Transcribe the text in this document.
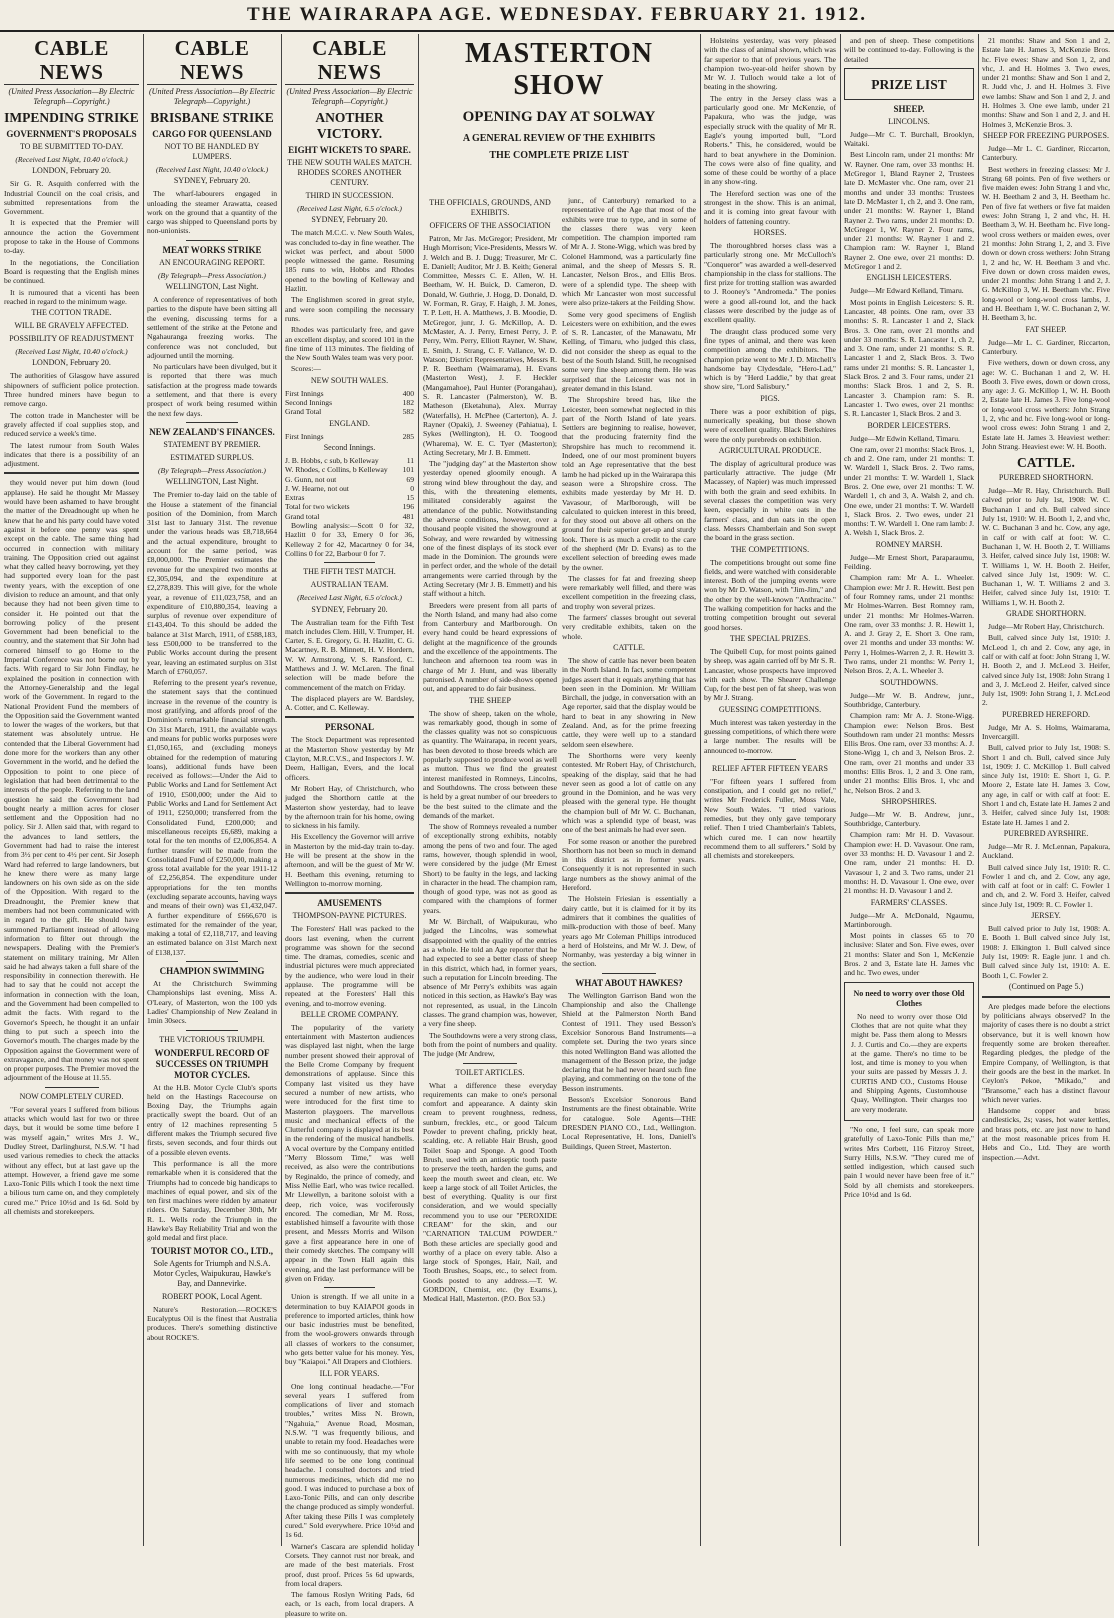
THE WAIRARAPA AGE. WEDNESDAY. FEBRUARY 21. 1912.
CABLE NEWS
(United Press Association—By Electric Telegraph—Copyright.)
IMPENDING STRIKE
GOVERNMENT'S PROPOSALS
TO BE SUBMITTED TO-DAY.
(Received Last Night, 10.40 o'clock.)
LONDON, February 20.

Sir G. R. Asquith conferred with the Industrial Council on the coal crisis, and submitted representations from the Government.

It is expected that the Premier will announce the action the Government propose to take in the House of Commons to-day.

In the negotiations, the Conciliation Board is requesting that the English mines be continued.

It is rumoured that a vicenti has been reached in regard to the minimum wage.

THE COTTON TRADE.
WILL BE GRAVELY AFFECTED.
POSSIBILITY OF READJUSTMENT
(Received Last Night, 10.40 o'clock.)
LONDON, February 20.

The authorities of Glasgow have assured shipowners of sufficient police protection. Three hundred miners have begun to remove cargo.

The cotton trade in Manchester will be gravely affected if coal supplies stop, and reduced service a week's time.

The latest rumour from South Wales indicates that there is a possibility of an adjustment.

they would never put him down (loud applause). He said he thought Mr Massey would have been ashamed to have brought the matter of the Dreadnought up when he knew that he and his party could have voted against it before one penny was spent except on the cable. The same thing had occurred in connection with military training. The Opposition cried out against what they called heavy borrowing, yet they had supported every loan for the past twenty years, with the exception of one division to reduce an amount, and that only because they had not been given time to consider it. He pointed out that the borrowing policy of the present Government had been beneficial to the country, and the statement that Sir John had cornered himself to go Home to the Imperial Conference was not borne out by facts. With regard to Sir John Findlay, he explained the position in connection with the Attorney-Generalship and the legal work of the Government. In regard to the National Provident Fund the members of the Opposition said the Government wanted to lower the wages of the workers, but that statement was absolutely untrue. He contended that the Liberal Government had done more for the workers than any other Government in the world, and he defied the Opposition to point to one piece of legislation that had been detrimental to the interests of the people. Referring to the land question he said the Government had bought nearly a million acres for closer settlement and the Opposition had no policy. Sir J. Allen said that, with regard to the advances to land settlers, the Government had had to raise the interest from 3½ per cent to 4½ per cent. Sir Joseph Ward had referred to large landowners, but he knew there were as many large landowners on his own side as on the side of the Opposition. With regard to the Dreadnought, the Premier knew that members had not been communicated with in regard to the gift. He should have summoned Parliament instead of allowing information to filter out through the newspapers. Dealing with the Premier's statement on military training, Mr Allen said he had always taken a full share of the responsibility in connection therewith. He had to say that he could not accept the information in connection with the loan, and the Government had been compelled to admit the facts. With regard to the Governor's Speech, he thought it an unfair thing to put such a speech into the Governor's mouth. The charges made by the Opposition against the Government were of extravagance, and that money was not spent on proper purposes. The Premier moved the adjournment of the House at 11.55.

NOW COMPLETELY CURED.

"For several years I suffered from bilious attacks which would last for two or three days, but it would be some time before I was myself again," writes Mrs J. W., Dudley Street, Darlinghurst, N.S.W. "I had used various remedies to check the attacks without any effect, but at last gave up the attempt. However, a friend gave me some Laxo-Tonic Pills which I took the next time a bilious turn came on, and they completely cured me." Price 10½d and 1s 6d. Sold by all chemists and storekeepers.

CABLE NEWS
(United Press Association—By Electric Telegraph—Copyright.)
BRISBANE STRIKE
CARGO FOR QUEENSLAND
NOT TO BE HANDLED BY LUMPERS.
(Received Last Night, 10.40 o'clock.)
SYDNEY, February 20.

The wharf-labourers engaged in unloading the steamer Arawatta, ceased work on the ground that a quantity of the cargo was shipped to Queensland ports by non-unionists.

MEAT WORKS STRIKE
AN ENCOURAGING REPORT.
(By Telegraph—Press Association.)
WELLINGTON, Last Night.

A conference of representatives of both parties to the dispute have been sitting all the evening, discussing terms for a settlement of the strike at the Petone and Ngahauranga freezing works. The conference was not concluded, but adjourned until the morning.

No particulars have been divulged, but it is reported that there was much satisfaction at the progress made towards a settlement, and that there is every prospect of work being resumed within the next few days.

NEW ZEALAND'S FINANCES.
STATEMENT BY PREMIER.
ESTIMATED SURPLUS.
(By Telegraph—Press Association.)
WELLINGTON, Last Night.

The Premier to-day laid on the table of the House a statement of the financial position of the Dominion, from March 31st last to January 31st. The revenue under the various heads was £8,718,664 and the actual expenditure, brought to account for the same period, was £8,000,000. The Premier estimates the revenue for the unexpired two months at £2,305,094, and the expenditure at £2,278,839. This will give, for the whole year, a revenue of £11,023,758, and an expenditure of £10,880,354, leaving a surplus of revenue over expenditure of £143,404. To this should be added the balance at 31st March, 1911, of £588,183, less £500,000 to be transferred to the Public Works account during the present year, leaving an estimated surplus on 31st March of £760,057.

Referring to the present year's revenue, the statement says that the continued increase in the revenue of the country is most gratifying, and affords proof of the Dominion's remarkable financial strength. On 31st March, 1911, the available ways and means for public works purposes were £1,050,165, and (excluding moneys obtained for the redemption of maturing loans), additional funds have been received as follows:—Under the Aid to Public Works and Land for Settlement Act of 1910, £500,000; under the Aid to Public Works and Land for Settlement Act of 1911, £250,000; transferred from the Consolidated Fund, £200,000; and miscellaneous receipts £6,689, making a total for the ten months of £2,006,854. A further transfer will be made from the Consolidated Fund of £250,000, making a gross total available for the year 1911-12 of £2,256,854. The expenditure under appropriations for the ten months (excluding separate accounts, having ways and means of their own) was £1,432,047. A further expenditure of £666,670 is estimated for the remainder of the year, making a total of £2,118,717, and leaving an estimated balance on 31st March next of £138,137.

CHAMPION SWIMMING

At the Christchurch Swimming Championships last evening, Miss A. O'Leary, of Masterton, won the 100 yds Ladies' Championship of New Zealand in 1min 30secs.

THE VICTORIOUS TRIUMPH.
WONDERFUL RECORD OF SUCCESSES ON TRIUMPH MOTOR CYCLES.

At the H.B. Motor Cycle Club's sports held on the Hastings Racecourse on Boxing Day, the Triumphs again practically swept the board. Out of an entry of 12 machines representing 5 different makes the Triumph secured five firsts, seven seconds, and four thirds out of a possible eleven events.

This performance is all the more remarkable when it is considered that the Triumphs had to concede big handicaps to machines of equal power, and six of the ten first machines were ridden by amateur riders. On Saturday, December 30th, Mr R. L. Wells rode the Triumph in the Hawke's Bay Reliability Trial and won the gold medal and first place.

TOURIST MOTOR CO., LTD.,
Sole Agents for Triumph and N.S.A. Motor Cycles, Waipukurau, Hawke's Bay, and Dannevirke.
ROBERT POOK, Local Agent.

Nature's Restoration.—ROCKE'S Eucalyptus Oil is the finest that Australia produces. There's something distinctive about ROCKE'S.

CABLE NEWS
(United Press Association—By Electric Telegraph—Copyright.)
ANOTHER VICTORY.
EIGHT WICKETS TO SPARE.
THE NEW SOUTH WALES MATCH. RHODES SCORES ANOTHER CENTURY.
THIRD IN SUCCESSION.
(Received Last Night, 6.5 o'clock.)
SYDNEY, February 20.

The match M.C.C. v. New South Wales, was concluded to-day in fine weather. The wicket was perfect, and about 5000 people witnessed the game. Resuming 185 runs to win, Hobbs and Rhodes opened to the bowling of Kelleway and Hazlitt.

The Englishmen scored in great style, and were soon compiling the necessary runs.

Rhodes was particularly free, and gave an excellent display, and scored 101 in the fine time of 113 minutes. The fielding of the New South Wales team was very poor.

Scores:—

NEW SOUTH WALES.
First Innings	400
Second Innings	182
Grand Total	582
ENGLAND.
First Innings	285
Second Innings.
J. B. Hobbs, c sub, b Kelleway	11
W. Rhodes, c Collins, b Kelleway 101
G. Gunn, not out	69
J. W. Hearne, not out	0
Extras	15
Total for two wickets	196
Grand total	481

Bowling analysis:—Scott 0 for 32, Hazlitt 0 for 33, Emery 0 for 36, Kelleway 2 for 42, Macartney 0 for 34, Collins 0 for 22, Barbour 0 for 7.

THE FIFTH TEST MATCH.
AUSTRALIAN TEAM.
(Received Last Night, 6.5 o'clock.)
SYDNEY, February 20.

The Australian team for the Fifth Test match includes Clem. Hill, V. Trumper, H. Carter, S. E. Gregory, G. H. Hazlitt, C. G. Macartney, R. B. Minnett, H. V. Hordern, W. W. Armstrong, V. S. Ransford, C. Matthews and J. W. McLaren. The final selection will be made before the commencement of the match on Friday.

The displaced players are W. Bardsley, A. Cotter, and C. Kelleway.

PERSONAL

The Stock Department was represented at the Masterton Show yesterday by Mr Clayton, M.R.C.V.S., and Inspectors J. W. Deem, Halligan, Evers, and the local officers.

Mr Robert Hay, of Christchurch, who judged the Shorthorn cattle at the Masterton show yesterday, had to leave by the afternoon train for his home, owing to sickness in his family.

His Excellency the Governor will arrive in Masterton by the mid-day train to-day. He will be present at the show in the afternoon, and will be the guest of Mr W. H. Beetham this evening, returning to Wellington to-morrow morning.

AMUSEMENTS
THOMPSON-PAYNE PICTURES.

The Foresters' Hall was packed to the doors last evening, when the current programme was shown for the second time. The dramas, comedies, scenic and industrial pictures were much appreciated by the audience, who were loud in their applause. The programme will be repeated at the Foresters' Hall this evening, and to-morrow evening.

BELLE CROME COMPANY.

The popularity of the variety entertainment with Masterton audiences was displayed last night, when the large number present showed their approval of the Belle Crome Company by frequent demonstrations of applause. Since this Company last visited us they have secured a number of new artists, who were introduced for the first time to Masterton playgoers. The marvellous music and mechanical effects of the Clutterful company is displayed at its best in the rendering of the musical handbells. A vocal overture by the Company entitled "Merry Blossom Time," was well received, as also were the contributions by Reginaldo, the prince of comedy, and Miss Nellie Earl, who was twice recalled. Mr Llewellyn, a baritone soloist with a deep, rich voice, was vociferously encored. The comedian, Mr M. Ross, established himself a favourite with those present, and Messrs Morris and Wilson gave a first appearance here in one of their comedy sketches. The company will appear in the Town Hall again this evening, and the last performance will be given on Friday.

Union is strength. If we all unite in a determination to buy KAIAPOI goods in preference to imported articles, think how our basic industries must be benefited, from the wool-growers onwards through all classes of workers to the consumer, who gets better value for his money. Yes, buy "Kaiapoi." All Drapers and Clothiers.

ILL FOR YEARS.

One long continual headache.—"For several years I suffered from complications of liver and stomach troubles," writes Miss N. Brown, "Ngahuia," Avenue Road, Mosman, N.S.W. "I was frequently bilious, and unable to retain my food. Headaches were with me so continuously, that my whole life seemed to be one long continual headache. I consulted doctors and tried numerous medicines, which did me no good. I was induced to purchase a box of Laxo-Tonic Pills, and can only describe the change produced as simply wonderful. After taking these Pills I was completely cured." Sold everywhere. Price 10½d and 1s 6d.

Warner's Cascara are splendid holiday Corsets. They cannot rust nor break, and are made of the best materials. Frost proof, dust proof. Prices 5s 6d upwards, from local drapers.

The famous Roslyn Writing Pads, 6d each, or 1s each, from local drapers. A pleasure to write on.

MASTERTON SHOW
OPENING DAY AT SOLWAY
A GENERAL REVIEW OF THE EXHIBITS
THE COMPLETE PRIZE LIST
THE OFFICIALS, GROUNDS, AND EXHIBITS.
OFFICERS OF THE ASSOCIATION

Patron, Mr Jas. McGregor; President, Mr Hugh Morrison; Vice-Presidents, Messrs W. J. Welch and B. J. Dugg; Treasurer, Mr C. E. Daniell; Auditor, Mr J. B. Keith; General Committee, Messrs C. E. Allen, W. H. Beetham, W. H. Buick, D. Cameron, D. Donald, W. Guthrie, J. Hogg, D. Donald, D. W. Forman, R. Gray, F. Haigh, J. M. Jones, T. P. Lett, H. A. Matthews, J. B. Moodie, D. McGregor, junr, J. G. McKillop, A. D. McMaster, A. J. Perry, Ernest Perry, J. P. Perry, Wm. Perry, Elliott Rayner, W. Shaw, E. Smith, J. Strang, C. F. Vallance, W. D. Watson; District Representatives, Messrs R. P. R. Beetham (Waimarama), H. Evans (Masterton West), J. F. Heckler (Mangamahoe), Paul Hunter (Porangahau), S. R. Lancaster (Palmerston), W. B. Matheson (Eketahuna), Alex. Murray (Waterfalls), H. McPhee (Carterton), A. J. Rayner (Opaki), J. Sweeney (Pahiatua), I. Sykes (Wellington), H. O. Toogood (Wharema), W. E. C. Tyer (Masterton); Acting Secretary, Mr J. B. Emmett.

The "judging day" at the Masterton show yesterday opened gloomily enough. A strong wind blew throughout the day, and this, with the threatening elements, militated considerably against the attendance of the public. Notwithstanding the adverse conditions, however, over a thousand people visited the showground at Solway, and were rewarded by witnessing one of the finest displays of its stock ever made in the Dominion. The grounds were in perfect order, and the whole of the detail arrangements were carried through by the Acting Secretary (Mr J. B. Emmett) and his staff without a hitch.

Breeders were present from all parts of the North Island, and many had also come from Canterbury and Marlborough. On every hand could be heard expressions of delight at the magnificence of the grounds and the excellence of the appointments. The luncheon and afternoon tea room was in charge of Mr J. Hunt, and was liberally patronised. A number of side-shows opened out, and appeared to do fair business.

THE SHEEP

The show of sheep, taken on the whole, was remarkably good, though in some of the classes quality was not so conspicuous as quantity. The Wairarapa, in recent years, has been devoted to those breeds which are popularly supposed to produce wool as well as mutton. Thus we find the greatest interest manifested in Romneys, Lincolns, and Southdowns. The cross between these is held by a great number of our breeders to be the best suited to the climate and the demands of the market.

The show of Romneys revealed a number of exceptionally strong exhibits, notably among the pens of two and four. The aged rams, however, though splendid in wool, were considered by the judge (Mr Ernest Short) to be faulty in the legs, and lacking in character in the head. The champion ram, though of good type, was not as good as compared with the champions of former years.

Mr W. Birchall, of Waipukurau, who judged the Lincolns, was somewhat disappointed with the quality of the entries as a whole. He told an Age reporter that he had expected to see a better class of sheep in this district, which had, in former years, such a reputation for Lincoln breeding. The absence of Mr Perry's exhibits was again noticed in this section, as Hawke's Bay was not represented, as usual, in the Lincoln classes. The grand champion was, however, a very fine sheep.

The Southdowns were a very strong class, both from the point of numbers and quality. The judge (Mr Andrew,

TOILET ARTICLES.

What a difference these everyday requirements can make to one's personal comfort and appearance. A dainty skin cream to prevent roughness, redness, sunburn, freckles, etc., or good Talcum Powder to prevent chafing, prickly heat, scalding, etc. A reliable Hair Brush, good Toilet Soap and Sponge. A good Tooth Brush, used with an antiseptic tooth paste to preserve the teeth, harden the gums, and keep the mouth sweet and clean, etc. We keep a large stock of all Toilet Articles, the best of everything. Quality is our first consideration, and we would specially recommend you to use our "PEROXIDE CREAM" for the skin, and our "CARNATION TALCUM POWDER." Both these articles are specially good and worthy of a place on every table. Also a large stock of Sponges, Hair, Nail, and Tooth Brushes, Soaps, etc., to select from. Goods posted to any address.—T. W. GORDON, Chemist, etc. (by Exams.), Medical Hall, Masterton. (P.O. Box 53.)

junr., of Canterbury) remarked to a representative of the Age that most of the exhibits were true to type, and in some of the classes there was very keen competition. The champion imported ram of Mr A. J. Stone-Wigg, which was bred by Colonel Hammond, was a particularly fine animal, and the sheep of Messrs S. R. Lancaster, Nelson Bros., and Ellis Bros. were of a splendid type. The sheep with which Mr Lancaster won most successful were also prize-takers at the Feilding Show.

Some very good specimens of English Leicesters were on exhibition, and the ewes of S. R. Lancaster, of the Manawatu, Mr Kelling, of Timaru, who judged this class, did not consider the sheep as equal to the best of the South Island. Still, he recognised some very fine sheep among them. He was surprised that the Leicester was not in greater demand in this Island.

The Shropshire breed has, like the Leicester, been somewhat neglected in this part of the North Island of late years. Settlers are beginning to realise, however, that the producing fraternity find the Shropshire has much to recommend it. Indeed, one of our most prominent buyers told an Age representative that the best lamb he had picked up in the Wairarapa this season were a Shropshire cross. The exhibits made yesterday by Mr H. D. Vavasour, of Marlborough, will be calculated to quicken interest in this breed, for they stood out above all others on the ground for their superior get-up and sturdy look. There is as much a credit to the care of the shepherd (Mr D. Evans) as to the excellent selection of breeding ewes made by the owner.

The classes for fat and freezing sheep were remarkably well filled, and there was excellent competition in the freezing class, and trophy won several prizes.

The farmers' classes brought out several very creditable exhibits, taken on the whole.

CATTLE.

The show of cattle has never been beaten in the North Island. In fact, some competent judges assert that it equals anything that has been seen in the Dominion. Mr William Birchall, the judge, in conversation with an Age reporter, said that the display would be hard to beat in any showring in New Zealand. And, as for the prime freezing cattle, they were well up to a standard seldom seen elsewhere.

The Shorthorns were very keenly contested. Mr Robert Hay, of Christchurch, speaking of the display, said that he had never seen as good a lot of cattle on any ground in the Dominion, and he was very pleased with the general type. He thought the champion bull of Mr W. C. Buchanan, which was a splendid type of beast, was one of the best animals he had ever seen.

For some reason or another the purebred Shorthorn has not been so much in demand in this district as in former years. Consequently it is not represented in such large numbers as the showy animal of the Hereford.

The Holstein Friesian is essentially a dairy cattle, but it is claimed for it by its admirers that it combines the qualities of milk-production with those of beef. Many years ago Mr Coleman Phillips introduced a herd of Holsteins, and Mr W. J. Dew, of Normanby, was yesterday a big winner in the section.

WHAT ABOUT HAWKES?

The Wellington Garrison Band won the Championship and also the Challenge Shield at the Palmerston North Band Contest of 1911. They used Besson's Excelsior Sonorous Band Instruments—a complete set. During the two years since this noted Wellington Band was allotted the management of the Besson prize, the judge declaring that he had never heard such fine playing, and commenting on the tone of the Besson instruments.

Besson's Excelsior Sonorous Band Instruments are the finest obtainable. Write for catalogue. Sole Agents—THE DRESDEN PIANO CO., Ltd., Wellington. Local Representative, H. Ions, Daniell's Buildings, Queen Street, Masterton.

Holsteins yesterday, was very pleased with the class of animal shown, which was far superior to that of previous years. The champion two-year-old heifer shown by Mr W. J. Tulloch would take a lot of beating in the showring.

The entry in the Jersey class was a particularly good one. Mr McKenzie, of Papakura, who was the judge, was especially struck with the quality of Mr R. Eagle's young imported bull, "Lord Roberts." This, he considered, would be hard to beat anywhere in the Dominion. The cows were also of fine quality, and some of these could be worthy of a place in any show-ring.

The Hereford section was one of the strongest in the show. This is an animal, and it is coming into great favour with holders of fattening country.

HORSES.

The thoroughbred horses class was a particularly strong one. Mr McCulloch's "Conqueror" was awarded a well-deserved championship in the class for stallions. The first prize for trotting stallion was awarded to J. Rooney's "Andromeda." The ponies were a good all-round lot, and the hack classes were described by the judge as of excellent quality.

The draught class produced some very fine types of animal, and there was keen competition among the exhibitors. The champion prize went to Mr J. D. Mitchell's handsome bay Clydesdale, "Hero-Lad," which is by "Herd Laddie," by that great show sire, "Lord Salisbury."

PIGS.

There was a poor exhibition of pigs, numerically speaking, but those shown were of excellent quality. Black Berkshires were the only purebreds on exhibition.

AGRICULTURAL PRODUCE.

The display of agricultural produce was particularly attractive. The judge (Mr Macassey, of Napier) was much impressed with both the grain and seed exhibits. In several classes the competition was very keen, especially in white oats in the farmers' class, and dun oats in the open class. Messrs Chamberlain and Son swept the board in the grass section.

THE COMPETITIONS.

The competitions brought out some fine fields, and were watched with considerable interest. Both of the jumping events were won by Mr D. Watson, with "Jim-Jim," and the other by the well-known "Anthracite." The walking competition for hacks and the trotting competition brought out several good horses.

THE SPECIAL PRIZES.

The Quibell Cup, for most points gained by sheep, was again carried off by Mr S. R. Lancaster, whose prospects have improved with each show. The Shearer Challenge Cup, for the best pen of fat sheep, was won by Mr J. Strang.

GUESSING COMPETITIONS.

Much interest was taken yesterday in the guessing competitions, of which there were a large number. The results will be announced to-morrow.

RELIEF AFTER FIFTEEN YEARS

"For fifteen years I suffered from constipation, and I could get no relief," writes Mr Frederick Fuller, Moss Vale, New South Wales. "I tried various remedies, but they only gave temporary relief. Then I tried Chamberlain's Tablets, which cured me. I can now heartily recommend them to all sufferers." Sold by all chemists and storekeepers.

and pen of sheep. These competitions will be continued to-day. Following is the detailed

PRIZE LIST
SHEEP.
LINCOLNS.

Judge—Mr C. T. Burchall, Brooklyn, Waitaki.

Best Lincoln ram, under 21 months: Mr W. Rayner. One ram, over 33 months: H. McGregor 1, Bland Rayner 2, Trustees late D. McMaster vhc. One ram, over 21 months and under 33 months: Trustees late D. McMaster 1, ch 2, and 3. One ram, under 21 months: W. Rayner 1, Bland Rayner 2. Two rams, under 21 months: D. McGregor 1, W. Rayner 2. Four rams, under 21 months: W. Rayner 1 and 2. Champion ram: W. Rayner 1, Bland Rayner 2. One ewe, over 21 months: D. McGregor 1 and 2.

ENGLISH LEICESTERS.

Judge—Mr Edward Kelland, Timaru.

Most points in English Leicesters: S. R. Lancaster, 48 points. One ram, over 33 months: S. R. Lancaster 1 and 2, Slack Bros. 3. One ram, over 21 months and under 33 months: S. R. Lancaster 1, ch 2, and 3. One ram, under 21 months: S. R. Lancaster 1 and 2, Slack Bros. 3. Two rams under 21 months: S. R. Lancaster 1, Slack Bros. 2 and 3. Four rams, under 21 months: Slack Bros. 1 and 2, S. R. Lancaster 3. Champion ram: S. R. Lancaster 1. Two ewes, over 21 months: S. R. Lancaster 1, Slack Bros. 2 and 3.

BORDER LEICESTERS.

Judge—Mr Edwin Kelland, Timaru.

One ram, over 21 months: Slack Bros. 1, ch and 2. One ram, under 21 months: T. W. Wardell 1, Slack Bros. 2. Two rams, under 21 months: T. W. Wardell 1, Slack Bros. 2. One ewe, over 21 months: T. W. Wardell 1, ch and 3, A. Walsh 2, and ch. One ewe, under 21 months: T. W. Wardell 1, Slack Bros. 2. Two ewes, under 21 months: T. W. Wardell 1. One ram lamb: J. A. Welsh 1, Slack Bros. 2.

ROMNEY MARSH.

Judge—Mr Ernest Short, Paraparaumu, Feilding.

Champion ram: Mr A. L. Wheeler. Champion ewe: Mr J. R. Hewitt. Best pen of four Romney rams, under 21 months: Mr Holmes-Warren. Best Romney ram, under 21 months: Mr Holmes-Warren. One ram, over 33 months: J. R. Hewitt 1, A. and J. Gray 2, E. Short 3. One ram, over 21 months and under 33 months: W. Perry 1, Holmes-Warren 2, J. R. Hewitt 3. Two rams, under 21 months: W. Perry 1, Nelson Bros. 2, A. L. Wheeler 3.

SOUTHDOWNS.

Judge—Mr W. B. Andrew, junr., Southbridge, Canterbury.

Champion ram: Mr A. J. Stone-Wigg. Champion ewe: Nelson Bros. Best Southdown ram under 21 months: Messrs Ellis Bros. One ram, over 33 months: A. J. Stone-Wigg 1, ch and 3, Nelson Bros. 2. One ram, over 21 months and under 33 months: Ellis Bros. 1, 2 and 3. One ram, under 21 months: Ellis Bros. 1, vhc and hc, Nelson Bros. 2 and 3.

SHROPSHIRES.

Judge—Mr W. B. Andrew, junr., Southbridge, Canterbury.

Champion ram: Mr H. D. Vavasour. Champion ewe: H. D. Vavasour. One ram, over 33 months: H. D. Vavasour 1 and 2. One ram, under 21 months: H. D. Vavasour 1, 2 and 3. Two rams, under 21 months: H. D. Vavasour 1. One ewe, over 21 months: H. D. Vavasour 1 and 2.

FARMERS' CLASSES.

Judge—Mr A. McDonald, Ngaumu, Martinborough.

Most points in classes 65 to 70 inclusive: Slater and Son. Five ewes, over 21 months: Slater and Son 1, McKenzie Bros. 2 and 3, Estate late H. James vhc and hc. Two ewes, under

No need to worry over those Old Clothes

No need to worry over those Old Clothes that are not quite what they might be. Pass them along to Messrs J. J. Curtis and Co.—they are experts at the game. There's no time to be lost, and time is money to you when your suits are passed by Messrs J. J. CURTIS AND CO., Customs House and Shipping Agents, Customhouse Quay, Wellington. Their charges too are very moderate.

"No one, I feel sure, can speak more gratefully of Laxo-Tonic Pills than me," writes Mrs Corbett, 116 Fitzroy Street, Surry Hills, N.S.W. "They cured me of settled indigestion, which caused such pain I would never have been free of it." Sold by all chemists and storekeepers. Price 10½d and 1s 6d.

21 months: Shaw and Son 1 and 2, Estate late H. James 3, McKenzie Bros. hc. Five ewes: Shaw and Son 1, 2, and vhc, J. and H. Holmes 3. Two ewes, under 21 months: Shaw and Son 1 and 2, R. Judd vhc, J. and H. Holmes 3. Five ewe lambs: Shaw and Son 1 and 2, J. and H. Holmes 3. One ewe lamb, under 21 months: Shaw and Son 1 and 2, J. and H. Holmes 3, McKenzie Bros. 3.

SHEEP FOR FREEZING PURPOSES.

Judge—Mr L. C. Gardiner, Riccarton, Canterbury.

Best wethers in freezing classes: Mr J. Strang 68 points. Pen of five wethers or five maiden ewes: John Strang 1 and vhc, W. H. Beetham 2 and 3, H. Beetham hc. Pen of five fat wethers or five fat maiden ewes: John Strang 1, 2 and vhc, H. H. Beetham 3, W. H. Beetham hc. Five long-wool cross wethers or maiden ewes, over 21 months: John Strang 1, 2, and 3. Five down or down cross wethers: John Strang 1, 2 and hc, W. H. Beetham 3 and vhc. Five down or down cross maiden ewes, under 21 months: John Strang 1 and 2, J. G. McKillop 3, W. H. Beetham vhc. Five long-wool or long-wool cross lambs, J. and H. Beetham 1, W. C. Buchanan 2, W. H. Beetham 3, hc.

FAT SHEEP.

Judge—Mr L. C. Gardiner, Riccarton, Canterbury.

Five wethers, down or down cross, any age: W. C. Buchanan 1 and 2, W. H. Booth 3. Five ewes, down or down cross, any age: J. G. McKillop 1, W. H. Booth 2, Estate late H. James 3. Five long-wool or long-wool cross wethers: John Strang 1, 2, vhc and hc. Five long-wool or long-wool cross ewes: John Strang 1 and 2, Estate late H. James 3. Heaviest wether: John Strang. Heaviest ewe: W. H. Booth.

CATTLE.
PUREBRED SHORTHORN.

Judge—Mr R. Hay, Christchurch. Bull calved prior to July 1st, 1908: W. C. Buchanan 1 and ch. Bull calved since July 1st, 1910: W. H. Booth 1, 2, and vhc, W. C. Buchanan 3 and hc. Cow, any age, in calf or with calf at foot: W. C. Buchanan 1, W. H. Booth 2, T. Williams 3. Heifer, calved since July 1st, 1908: W. T. Williams 1, W. H. Booth 2. Heifer, calved since July 1st, 1909: W. C. Buchanan 1, W. T. Williams 2 and 3. Heifer, calved since July 1st, 1910: T. Williams 1, W. H. Booth 2.

GRADE SHORTHORN.

Judge—Mr Robert Hay, Christchurch.

Bull, calved since July 1st, 1910: J. McLeod 1, ch and 2. Cow, any age, in calf or with calf at foot: John Strang 1, W. H. Booth 2, and J. McLeod 3. Heifer, calved since July 1st, 1908: John Strang 1 and 3, J. McLeod 2. Heifer, calved since July 1st, 1909: John Strang 1, J. McLeod 2.

PUREBRED HEREFORD.

Judge, Mr A. S. Holms, Waimarama, Invercargill.

Bull, calved prior to July 1st, 1908: S. Short 1 and ch. Bull, calved since July 1st, 1909: J. C. McKillop 1. Bull calved since July 1st, 1910: E. Short 1, G. P. Moore 2, Estate late H. James 3. Cow, any age, in calf or with calf at foot: E. Short 1 and ch, Estate late H. James 2 and 3. Heifer, calved since July 1st, 1908: Estate late H. James 1 and 2.

PUREBRED AYRSHIRE.

Judge—Mr R. J. McLennan, Papakura, Auckland.

Bull calved since July 1st, 1910: R. C. Fowler 1 and ch, and 2. Cow, any age, with calf at foot or in calf: C. Fowler 1 and ch, and 2. W. Ford 3. Heifer, calved since July 1st, 1909: R. C. Fowler 1.

JERSEY.

Bull calved prior to July 1st, 1908: A. E. Booth 1. Bull calved since July 1st, 1908: J. Elkington 1. Bull calved since July 1st, 1909: R. Eagle junr. 1 and ch. Bull calved since July 1st, 1910: A. E. Booth 1, C. Fowler 2.

(Continued on Page 5.)

Are pledges made before the elections by politicians always observed? In the majority of cases there is no doubt a strict observance, but it is well known how frequently some are broken thereafter. Regarding pledges, the pledge of the Empire Company, of Wellington, is that their goods are the best in the market. In Ceylon's Pekoe, "Mikado," and "Bransome," each has a distinct flavour which never varies.

Handsome copper and brass candlesticks, 2s; vases, hot water kettles, and brass pots, etc. are just now to hand at the most reasonable prices from H. Hebs and Co., Ltd. They are worth inspection.—Advt.
